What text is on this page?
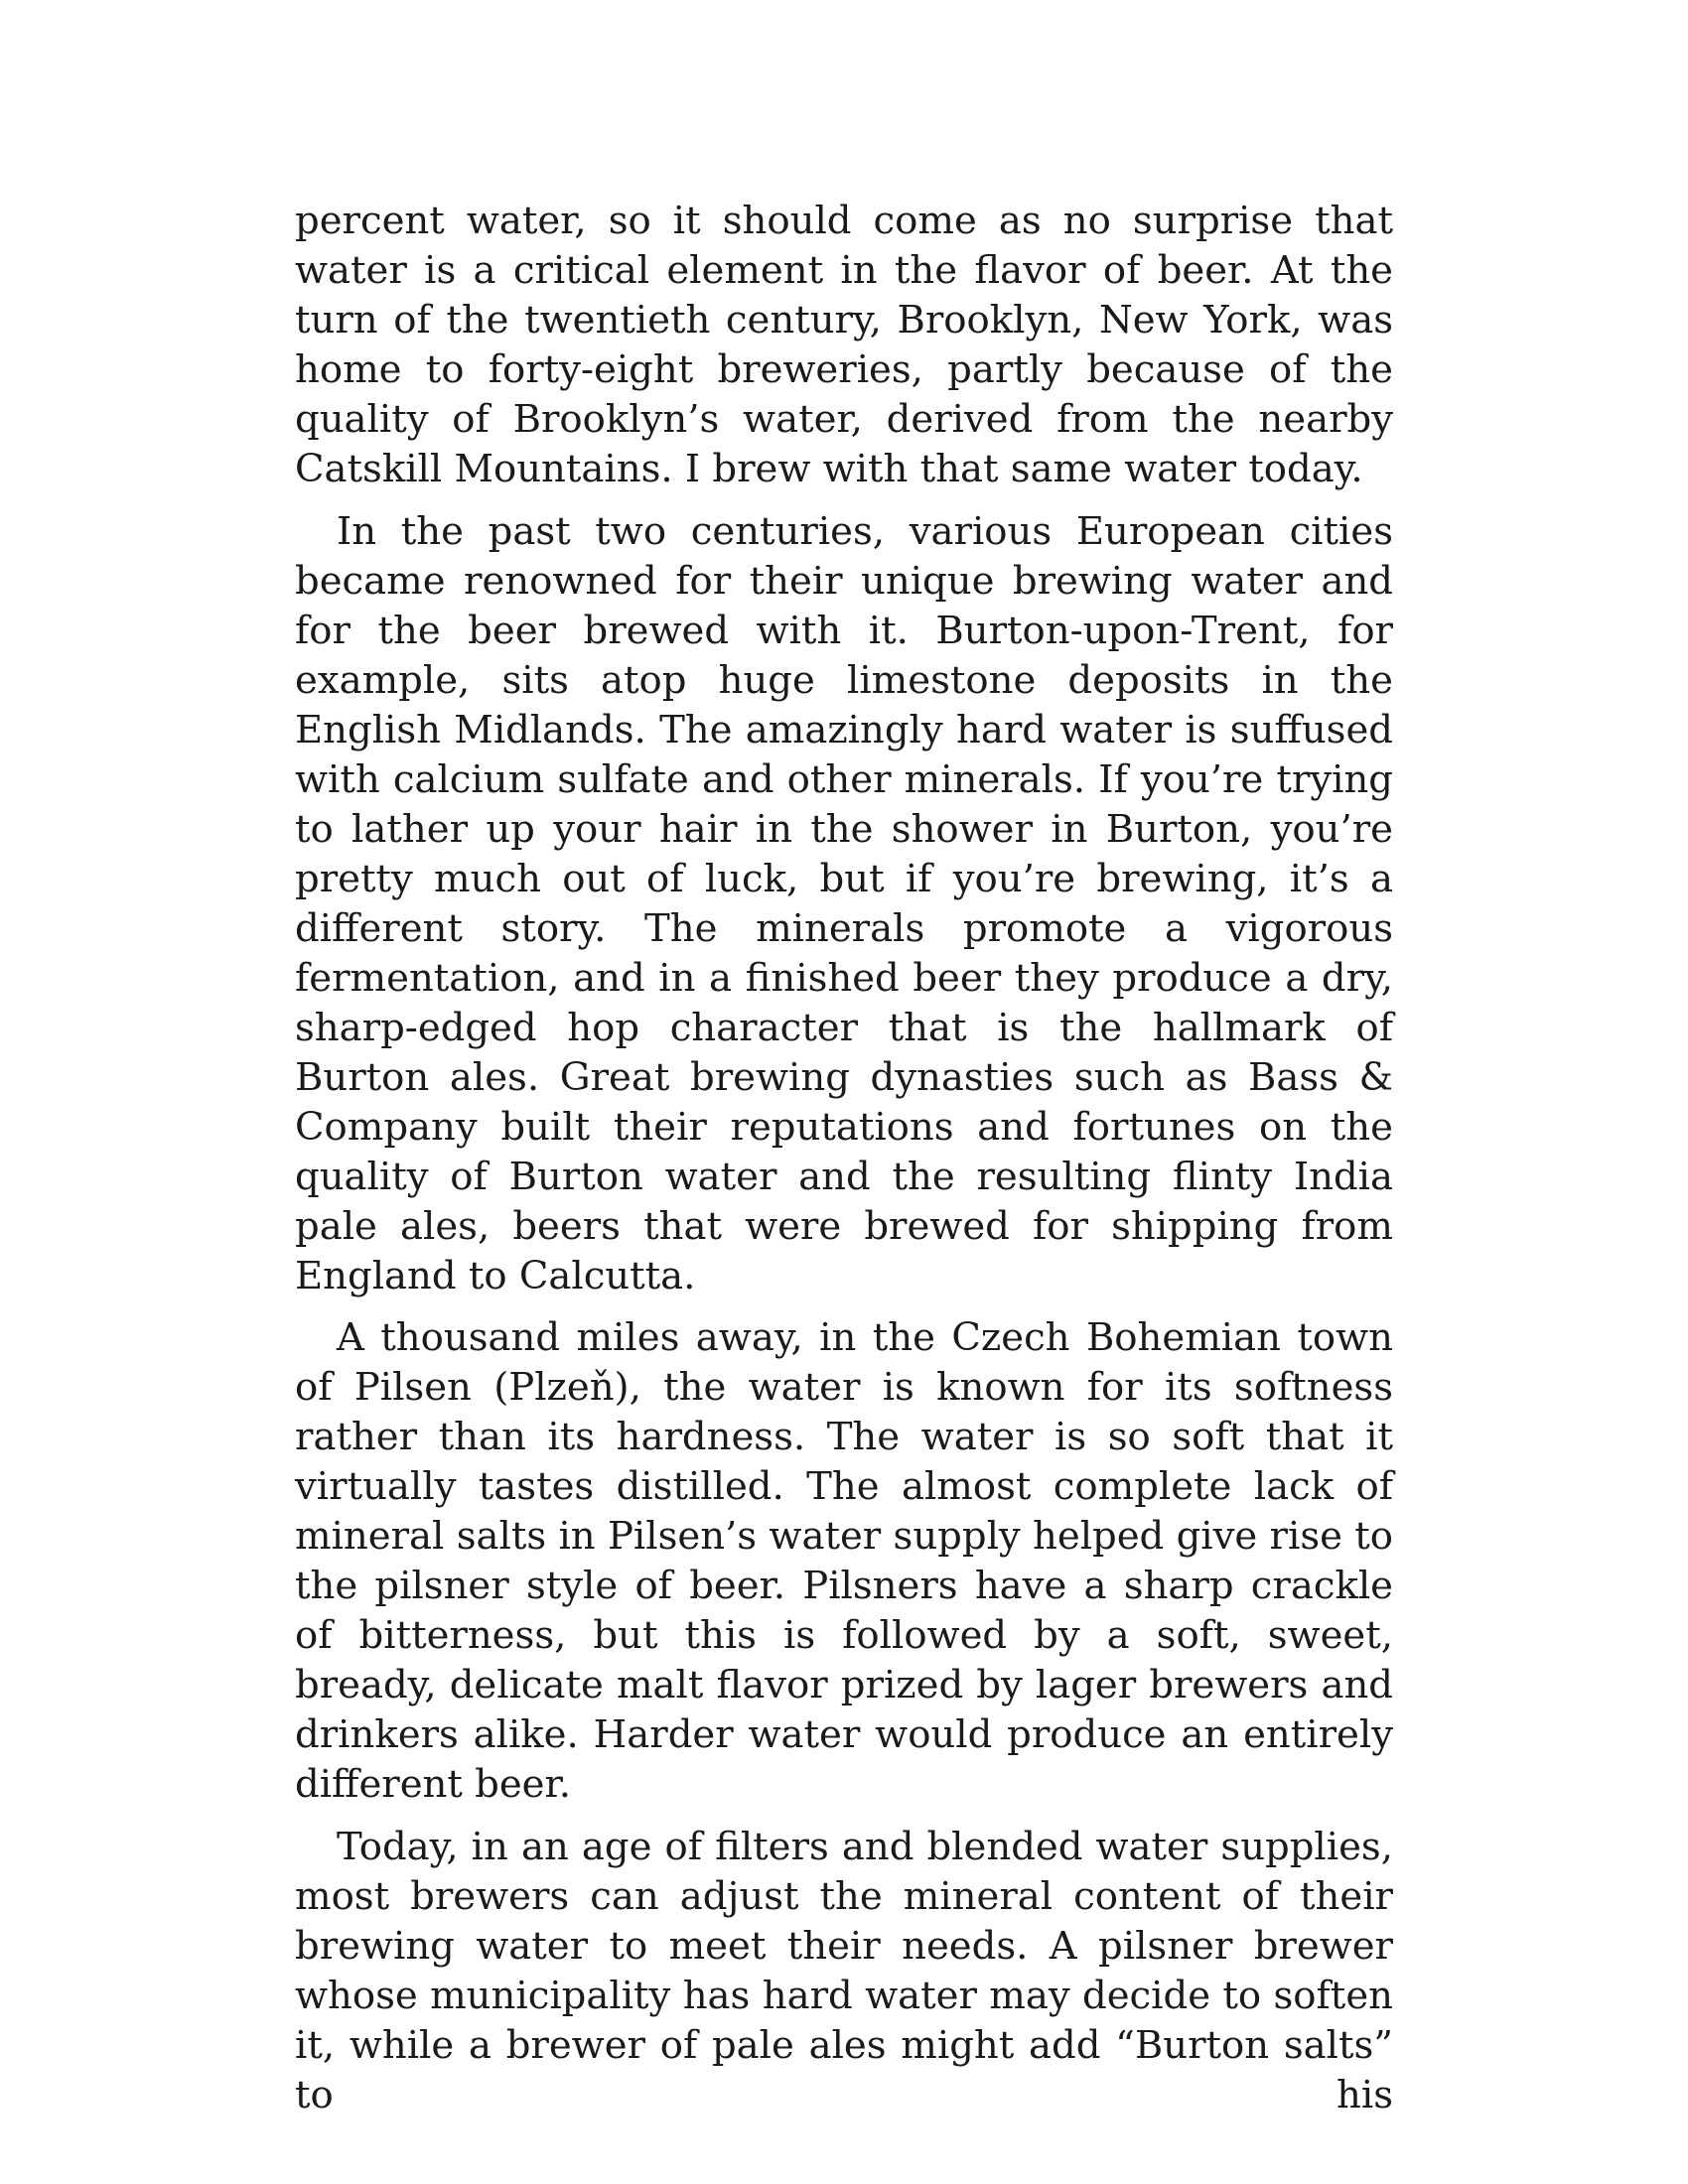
percent water, so it should come as no surprise that water is a critical element in the flavor of beer. At the turn of the twentieth century, Brooklyn, New York, was home to forty-eight breweries, partly because of the quality of Brooklyn’s water, derived from the nearby Catskill Mountains. I brew with that same water today.

In the past two centuries, various European cities became renowned for their unique brewing water and for the beer brewed with it. Burton-upon-Trent, for example, sits atop huge limestone deposits in the English Midlands. The amazingly hard water is suffused with calcium sulfate and other minerals. If you’re trying to lather up your hair in the shower in Burton, you’re pretty much out of luck, but if you’re brewing, it’s a different story. The minerals promote a vigorous fermentation, and in a finished beer they produce a dry, sharp-edged hop character that is the hallmark of Burton ales. Great brewing dynasties such as Bass & Company built their reputations and fortunes on the quality of Burton water and the resulting flinty India pale ales, beers that were brewed for shipping from England to Calcutta.

A thousand miles away, in the Czech Bohemian town of Pilsen (Plzeň), the water is known for its softness rather than its hardness. The water is so soft that it virtually tastes distilled. The almost complete lack of mineral salts in Pilsen’s water supply helped give rise to the pilsner style of beer. Pilsners have a sharp crackle of bitterness, but this is followed by a soft, sweet, bready, delicate malt flavor prized by lager brewers and drinkers alike. Harder water would produce an entirely different beer.

Today, in an age of filters and blended water supplies, most brewers can adjust the mineral content of their brewing water to meet their needs. A pilsner brewer whose municipality has hard water may decide to soften it, while a brewer of pale ales might add “Burton salts” to his
